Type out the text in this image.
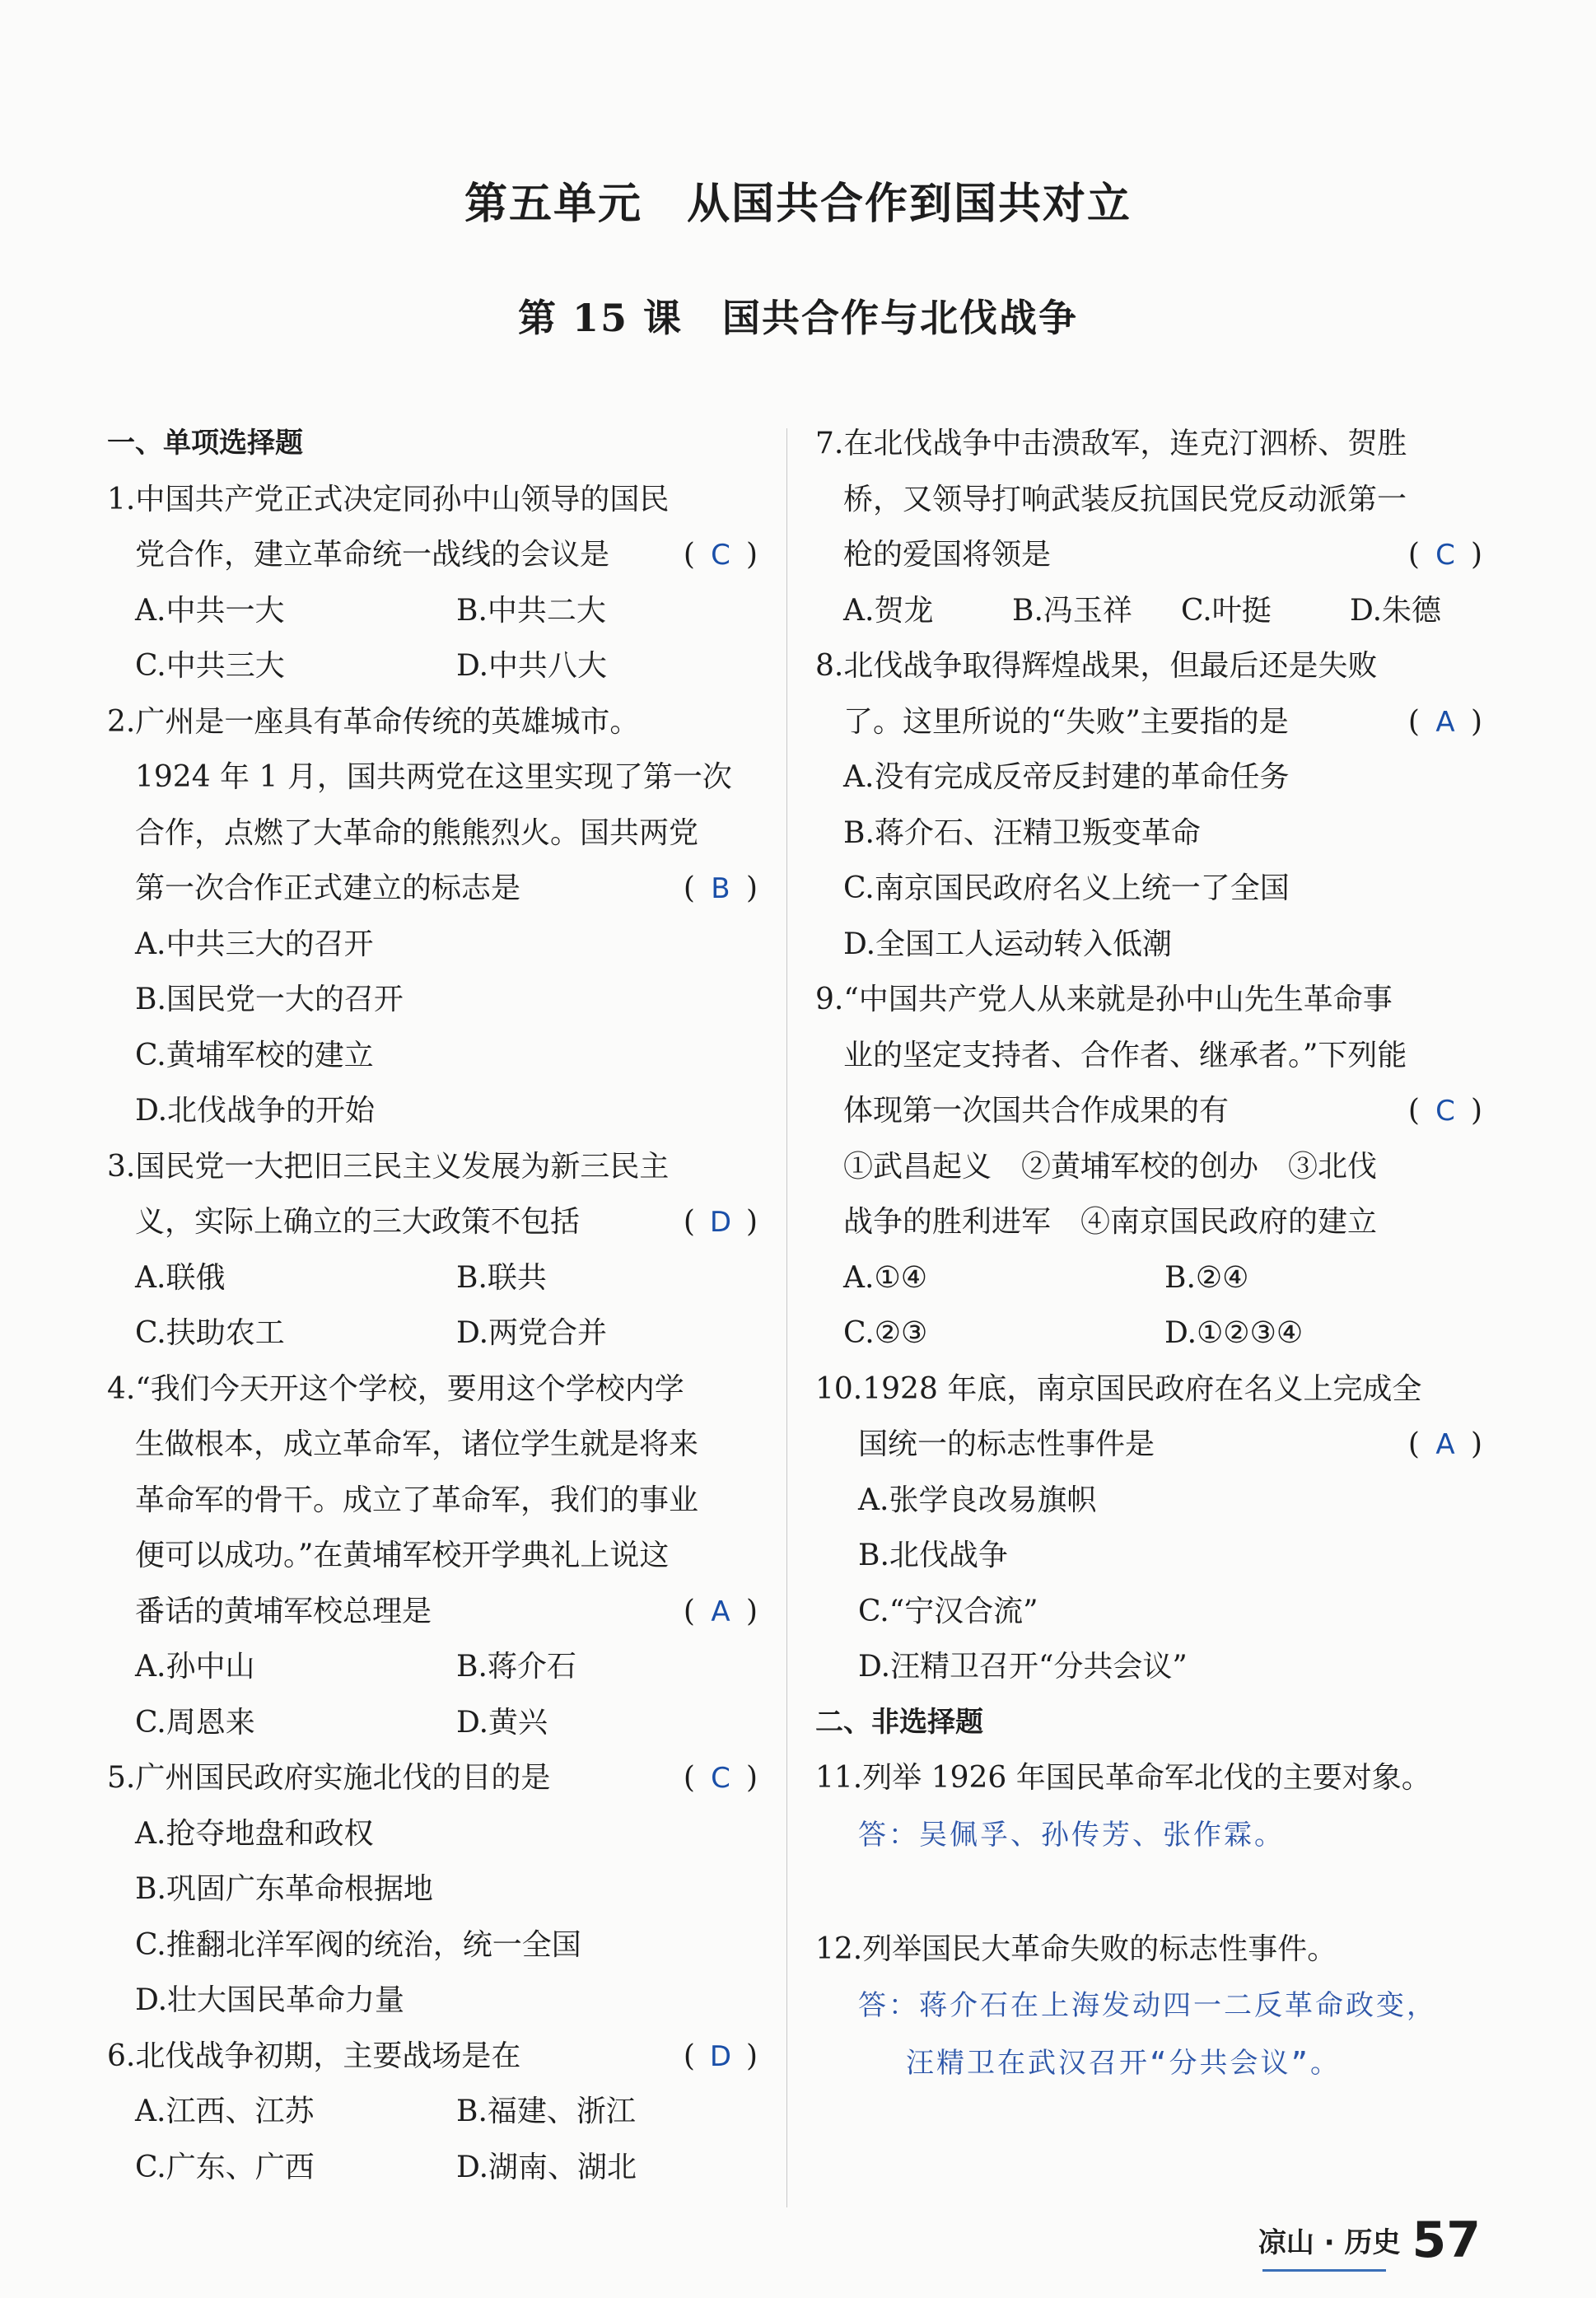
第五单元　从国共合作到国共对立
第 15 课　国共合作与北伐战争
一、单项选择题
1.中国共产党正式决定同孙中山领导的国民
党合作，建立革命统一战线的会议是 ( C )
A.中共一大	B.中共二大
C.中共三大	D.中共八大
2.广州是一座具有革命传统的英雄城市。
1924 年 1 月，国共两党在这里实现了第一次
合作，点燃了大革命的熊熊烈火。国共两党
第一次合作正式建立的标志是	( B )
A.中共三大的召开
B.国民党一大的召开
C.黄埔军校的建立
D.北伐战争的开始
3.国民党一大把旧三民主义发展为新三民主
义，实际上确立的三大政策不包括	( D )
A.联俄	B.联共
C.扶助农工	D.两党合并
4.“我们今天开这个学校，要用这个学校内学
生做根本，成立革命军，诸位学生就是将来
革命军的骨干。成立了革命军，我们的事业
便可以成功。”在黄埔军校开学典礼上说这
番话的黄埔军校总理是	( A )
A.孙中山	B.蒋介石
C.周恩来	D.黄兴
5.广州国民政府实施北伐的目的是	( C )
A.抢夺地盘和政权
B.巩固广东革命根据地
C.推翻北洋军阀的统治，统一全国
D.壮大国民革命力量
6.北伐战争初期，主要战场是在	( D )
A.江西、江苏	B.福建、浙江
C.广东、广西	D.湖南、湖北
7.在北伐战争中击溃敌军，连克汀泗桥、贺胜
桥，又领导打响武装反抗国民党反动派第一
枪的爱国将领是	( C )
A.贺龙	B.冯玉祥	C.叶挺	D.朱德
8.北伐战争取得辉煌战果，但最后还是失败
了。这里所说的“失败”主要指的是	( A )
A.没有完成反帝反封建的革命任务
B.蒋介石、汪精卫叛变革命
C.南京国民政府名义上统一了全国
D.全国工人运动转入低潮
9.“中国共产党人从来就是孙中山先生革命事
业的坚定支持者、合作者、继承者。”下列能
体现第一次国共合作成果的有	( C )
①武昌起义　②黄埔军校的创办　③北伐
战争的胜利进军　④南京国民政府的建立
A.①④	B.②④
C.②③	D.①②③④
10.1928 年底，南京国民政府在名义上完成全
国统一的标志性事件是	( A )
A.张学良改易旗帜
B.北伐战争
C.“宁汉合流”
D.汪精卫召开“分共会议”
二、非选择题
11.列举 1926 年国民革命军北伐的主要对象。
答：吴佩孚、孙传芳、张作霖。
12.列举国民大革命失败的标志性事件。
答：蒋介石在上海发动四一二反革命政变，
汪精卫在武汉召开“分共会议”。
凉山 · 历史 57
